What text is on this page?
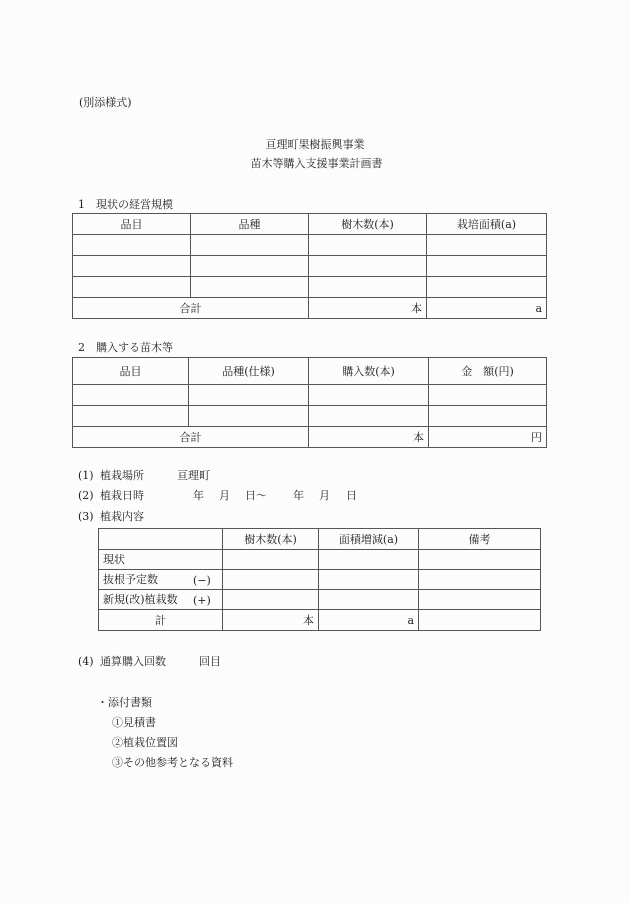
(別添様式)
亘理町果樹振興事業
苗木等購入支援事業計画書
1　現状の経営規模
品目	品種	樹木数(本)	栽培面積(a)

合計		本	a
2　購入する苗木等
品目	品種(仕様)	購入数(本)	金　額(円)

合計		本	円
(1) 植栽場所	亘理町
(2) 植栽日時	年 月 日〜 年 月 日
(3) 植栽内容
	樹木数(本)	面積増減(a)	備考
現状			
抜根予定数 (−)			

新規(改)植栽数 (+)			

計	本	a	
(4) 通算購入回数	回目
・添付書類
①見積書
②植栽位置図
③その他参考となる資料
